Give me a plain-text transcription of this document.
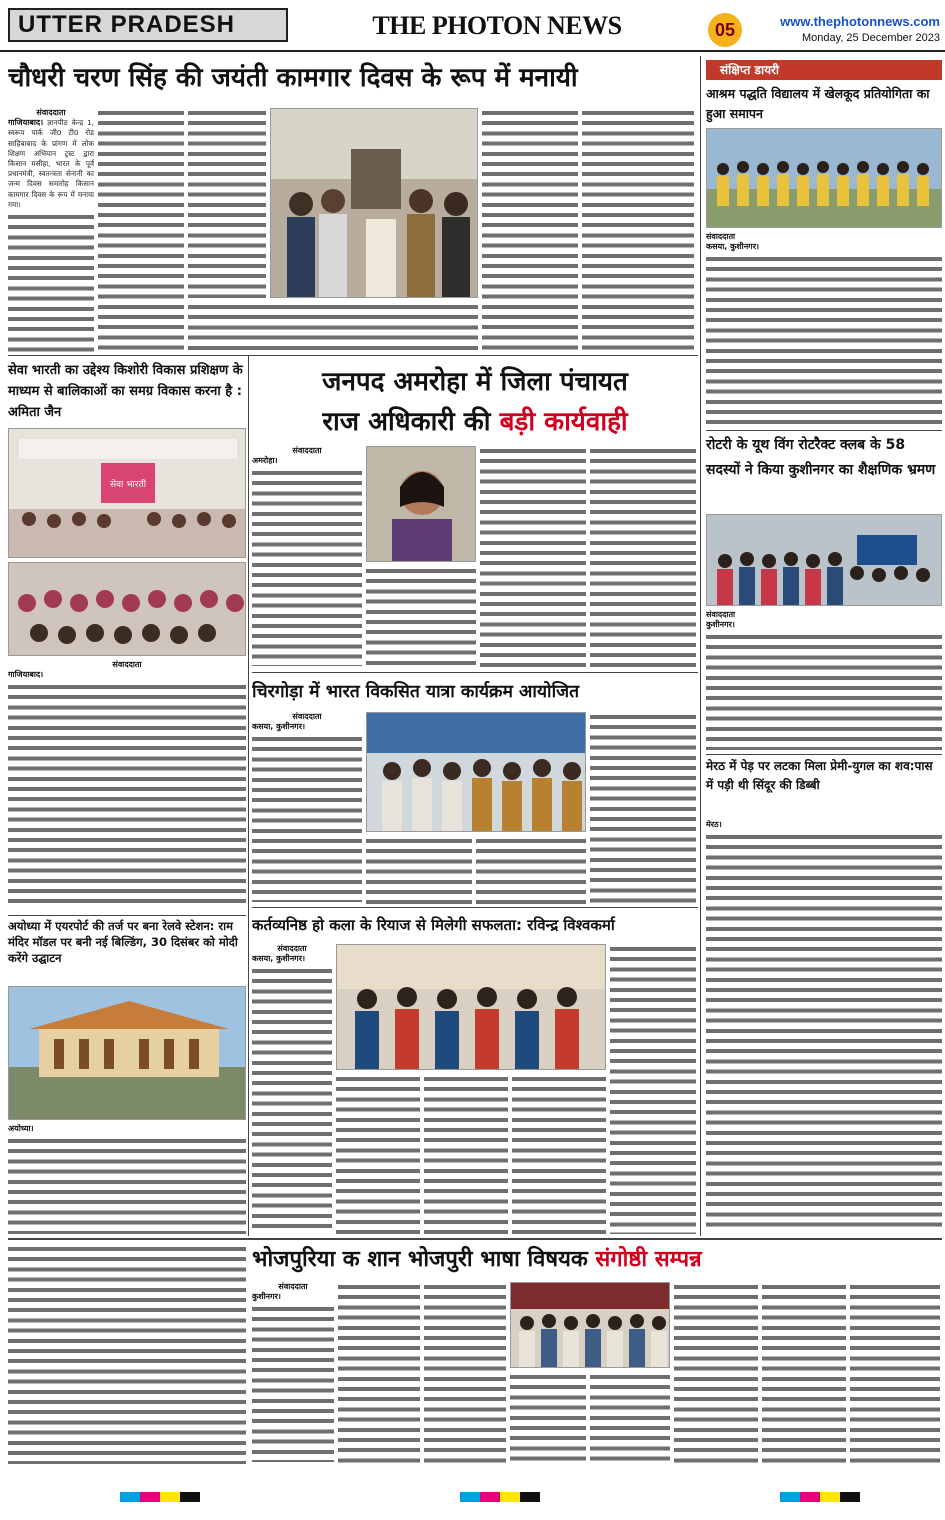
UTTER PRADESH	THE PHOTON NEWS	05	www.thephotonnews.com
Monday, 25 December 2023
चौधरी चरण सिंह की जयंती कामगार दिवस के रूप में मनायी
संवाददाता
गाजियाबाद। ज्ञानपीठ केन्द्र 1, स्वरूप पार्क जी0 टी0 रोड साहिबाबाद के प्रांगण में लोक शिक्षण अभियान ट्रस्ट द्वारा किसान मसीहा, भारत के पूर्व प्रधानमंत्री, स्वतन्त्रता सेनानी का जन्म दिवस समारोह किसान कामगार दिवस के रूप में मनाया गया।
सेवा भारती का उद्देश्य किशोरी विकास प्रशिक्षण के माध्यम से बालिकाओं का समग्र विकास करना है : अमिता जैन
सेवा भारती
संवाददाता
गाजियाबाद।
अयोध्या में एयरपोर्ट की तर्ज पर बना रेलवे स्टेशन: राम मंदिर मॉडल पर बनी नई बिल्डिंग, 30 दिसंबर को मोदी करेंगे उद्घाटन
अयोध्या।
जनपद अमरोहा में जिला पंचायत
राज अधिकारी की बड़ी कार्यवाही
संवाददाता
अमरोहा।
चिरगोड़ा में भारत विकसित यात्रा कार्यक्रम आयोजित
संवाददाता
कसया, कुशीनगर।
कर्तव्यनिष्ठ हो कला के रियाज से मिलेगी सफलता: रविन्द्र विश्वकर्मा
संवाददाता
कसया, कुशीनगर।
संक्षिप्त डायरी
आश्रम पद्धति विद्यालय में खेलकूद प्रतियोगिता का हुआ समापन
संवाददाता
कसया, कुशीनगर।
रोटरी के यूथ विंग रोटरैक्ट क्लब के 58 सदस्यों ने किया कुशीनगर का शैक्षणिक भ्रमण
संवाददाता
कुशीनगर।
मेरठ में पेड़ पर लटका मिला प्रेमी-युगल का शव:पास में पड़ी थी सिंदूर की डिब्बी
मेरठ।
भोजपुरिया क शान भोजपुरी भाषा विषयक संगोष्ठी सम्पन्न
संवाददाता
कुशीनगर।
